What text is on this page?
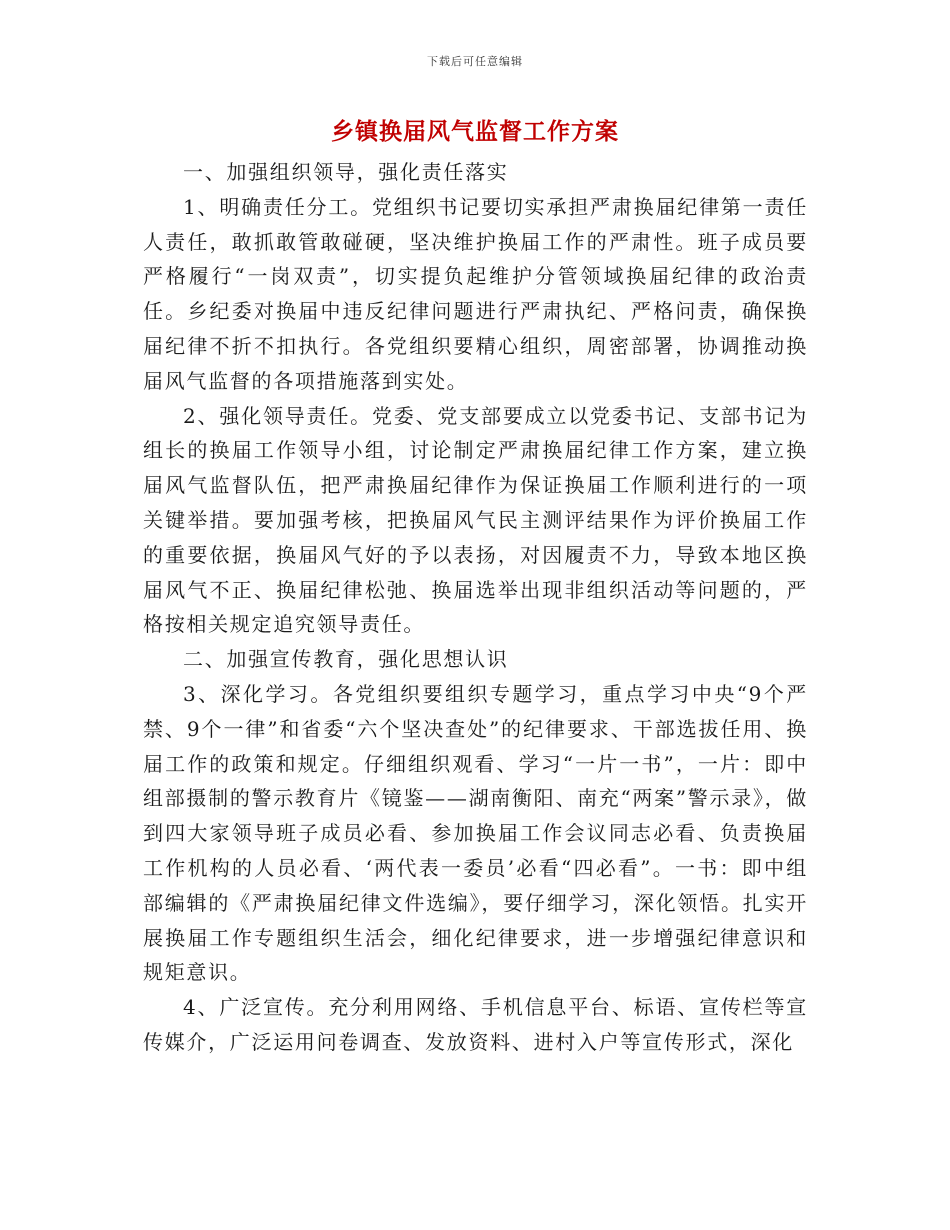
下载后可任意编辑
乡镇换届风气监督工作方案

一、加强组织领导，强化责任落实

1、明确责任分工。党组织书记要切实承担严肃换届纪律第一责任人责任，敢抓敢管敢碰硬，坚决维护换届工作的严肃性。班子成员要严格履行“一岗双责”，切实提负起维护分管领域换届纪律的政治责任。乡纪委对换届中违反纪律问题进行严肃执纪、严格问责，确保换届纪律不折不扣执行。各党组织要精心组织，周密部署，协调推动换届风气监督的各项措施落到实处。

2、强化领导责任。党委、党支部要成立以党委书记、支部书记为组长的换届工作领导小组，讨论制定严肃换届纪律工作方案，建立换届风气监督队伍，把严肃换届纪律作为保证换届工作顺利进行的一项关键举措。要加强考核，把换届风气民主测评结果作为评价换届工作的重要依据，换届风气好的予以表扬，对因履责不力，导致本地区换届风气不正、换届纪律松弛、换届选举出现非组织活动等问题的，严格按相关规定追究领导责任。

二、加强宣传教育，强化思想认识

3、深化学习。各党组织要组织专题学习，重点学习中央“9个严禁、9个一律”和省委“六个坚决查处”的纪律要求、干部选拔任用、换届工作的政策和规定。仔细组织观看、学习“一片一书”，一片：即中组部摄制的警示教育片《镜鉴——湖南衡阳、南充“两案”警示录》，做到四大家领导班子成员必看、参加换届工作会议同志必看、负责换届工作机构的人员必看、‘两代表一委员’必看“四必看”。一书：即中组部编辑的《严肃换届纪律文件选编》，要仔细学习，深化领悟。扎实开展换届工作专题组织生活会，细化纪律要求，进一步增强纪律意识和规矩意识。

4、广泛宣传。充分利用网络、手机信息平台、标语、宣传栏等宣传媒介，广泛运用问卷调查、发放资料、进村入户等宣传形式，深化
